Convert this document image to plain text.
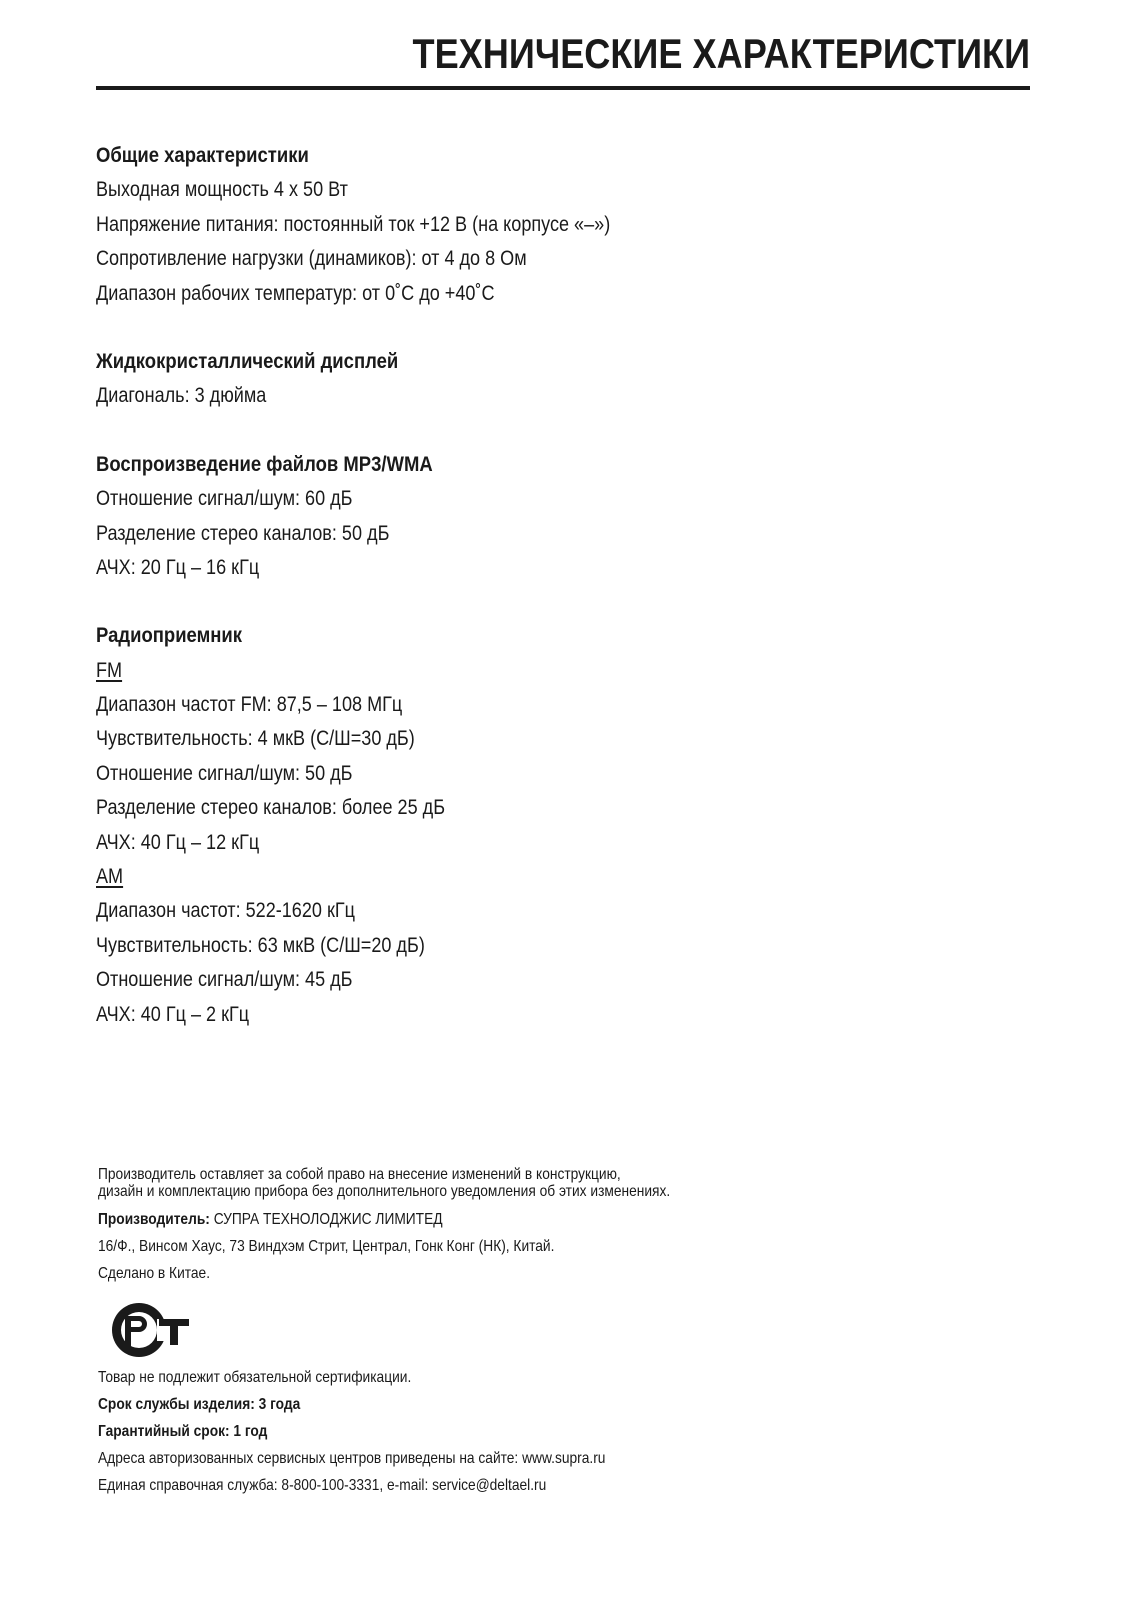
ТЕХНИЧЕСКИЕ ХАРАКТЕРИСТИКИ
Общие характеристики
Выходная мощность 4 x 50 Вт
Напряжение питания: постоянный ток +12 В (на корпусе «–»)
Сопротивление нагрузки (динамиков): от 4 до 8 Ом
Диапазон рабочих температур: от 0˚С до +40˚С
Жидкокристаллический дисплей
Диагональ: 3 дюйма
Воспроизведение файлов MP3/WMA
Отношение сигнал/шум: 60 дБ
Разделение стерео каналов: 50 дБ
АЧХ: 20 Гц – 16 кГц
Радиоприемник
FM
Диапазон частот FM: 87,5 – 108 МГц
Чувствительность: 4 мкВ (С/Ш=30 дБ)
Отношение сигнал/шум: 50 дБ
Разделение стерео каналов: более 25 дБ
АЧХ: 40 Гц – 12 кГц
AM
Диапазон частот: 522-1620 кГц
Чувствительность: 63 мкВ (С/Ш=20 дБ)
Отношение сигнал/шум: 45 дБ
АЧХ: 40 Гц – 2 кГц
Производитель оставляет за собой право на внесение изменений в конструкцию,
дизайн и комплектацию прибора без дополнительного уведомления об этих изменениях.
Производитель: СУПРА ТЕХНОЛОДЖИС ЛИМИТЕД
16/Ф., Винсом Хаус, 73 Виндхэм Стрит, Централ, Гонк Конг (НК), Китай.
Сделано в Китае.
Товар не подлежит обязательной сертификации.
Срок службы изделия: 3 года
Гарантийный срок: 1 год
Адреса авторизованных сервисных центров приведены на сайте: www.supra.ru
Единая справочная служба: 8-800-100-3331, e-mail: service@deltael.ru
